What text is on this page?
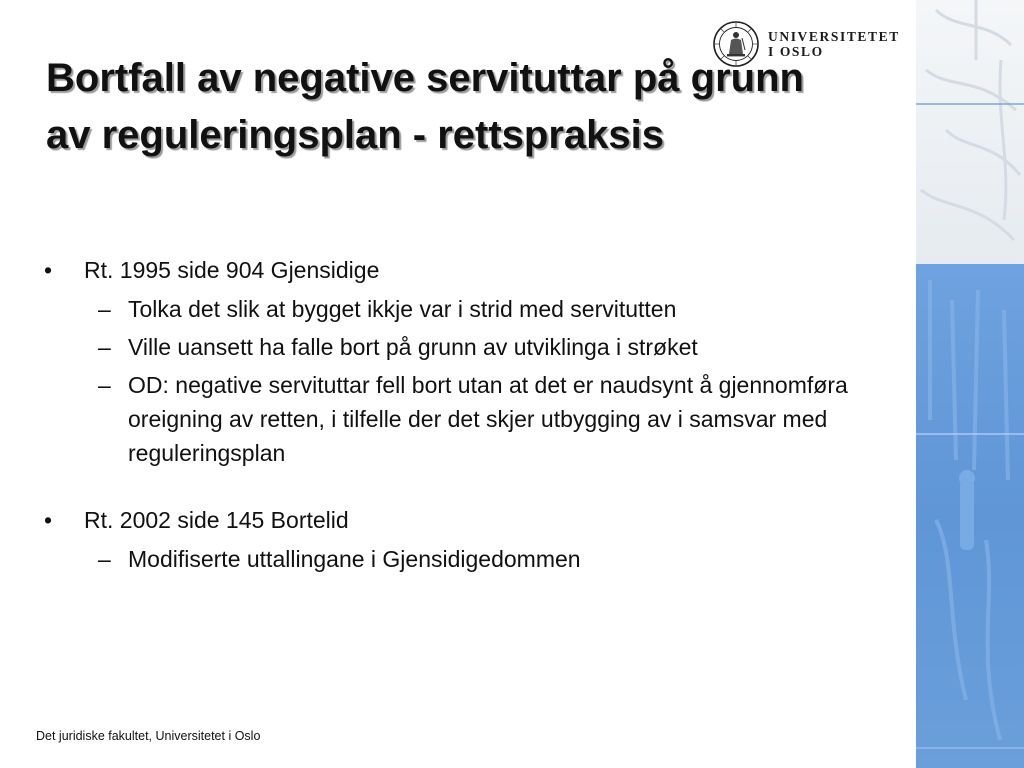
UNIVERSITETET
I OSLO
Bortfall av negative servituttar på grunn av reguleringsplan - rettspraksis
•	Rt. 1995 side 904 Gjensidige
– Tolka det slik at bygget ikkje var i strid med servitutten
– Ville uansett ha falle bort på grunn av utviklinga i strøket
– OD: negative servituttar fell bort utan at det er naudsynt å gjennomføra oreigning av retten, i tilfelle der det skjer utbygging av i samsvar med reguleringsplan
•	Rt. 2002 side 145 Bortelid
– Modifiserte uttallingane i Gjensidigedommen
Det juridiske fakultet, Universitetet i Oslo
